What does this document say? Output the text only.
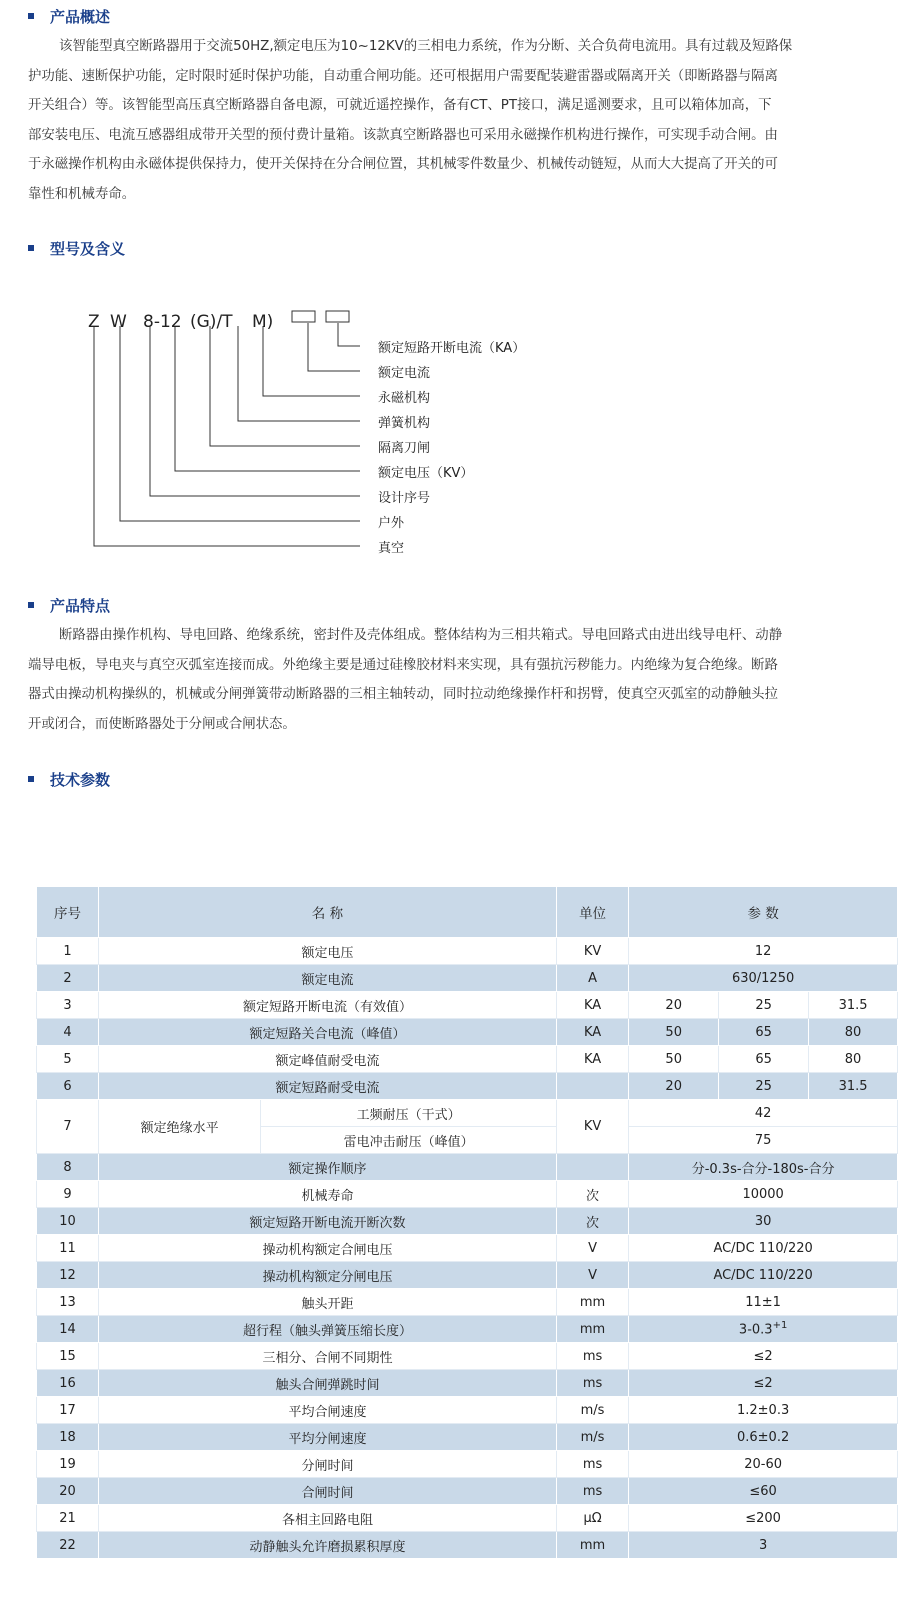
产品概述
该智能型真空断路器用于交流50HZ,额定电压为10~12KV的三相电力系统，作为分断、关合负荷电流用。具有过载及短路保
护功能、速断保护功能，定时限时延时保护功能，自动重合闸功能。还可根据用户需要配装避雷器或隔离开关（即断路器与隔离
开关组合）等。该智能型高压真空断路器自备电源，可就近遥控操作，备有CT、PT接口，满足遥测要求，且可以箱体加高，下
部安装电压、电流互感器组成带开关型的预付费计量箱。该款真空断路器也可采用永磁操作机构进行操作，可实现手动合闸。由
于永磁操作机构由永磁体提供保持力，使开关保持在分合闸位置，其机械零件数量少、机械传动链短，从而大大提高了开关的可
靠性和机械寿命。
型号及含义
Z W 8-12 (G)/T M)
额定短路开断电流（KA）
额定电流
永磁机构
弹簧机构
隔离刀闸
额定电压（KV）
设计序号
户外
真空
产品特点
断路器由操作机构、导电回路、绝缘系统，密封件及壳体组成。整体结构为三相共箱式。导电回路式由进出线导电杆、动静
端导电板，导电夹与真空灭弧室连接而成。外绝缘主要是通过硅橡胶材料来实现，具有强抗污秽能力。内绝缘为复合绝缘。断路
器式由操动机构操纵的，机械或分闸弹簧带动断路器的三相主轴转动，同时拉动绝缘操作杆和拐臂，使真空灭弧室的动静触头拉
开或闭合，而使断路器处于分闸或合闸状态。
技术参数
序号	名 称		单位	参 数		
1	额定电压		KV	12		
2	额定电流		A	630/1250		
3	额定短路开断电流（有效值）		KA	20	25	31.5
4	额定短路关合电流（峰值）		KA	50	65	80
5	额定峰值耐受电流		KA	50	65	80
6	额定短路耐受电流			20	25	31.5
7	额定绝缘水平	工频耐压（干式）	KV	42		
		雷电冲击耐压（峰值）		75		
8	额定操作顺序			分-0.3s-合分-180s-合分		
9	机械寿命		次	10000		
10	额定短路开断电流开断次数		次	30		
11	操动机构额定合闸电压		V	AC/DC 110/220		
12	操动机构额定分闸电压		V	AC/DC 110/220		
13	触头开距		mm	11±1		
14	超行程（触头弹簧压缩长度）		mm	$3-0.3^{+1}$
15	三相分、合闸不同期性		ms	≤2		
16	触头合闸弹跳时间		ms	≤2		
17	平均合闸速度		m/s	1.2±0.3		
18	平均分闸速度		m/s	0.6±0.2		
19	分闸时间		ms	20-60		
20	合闸时间		ms	≤60		
21	各相主回路电阻		μΩ	≤200		
22	动静触头允许磨损累积厚度		mm	3		
